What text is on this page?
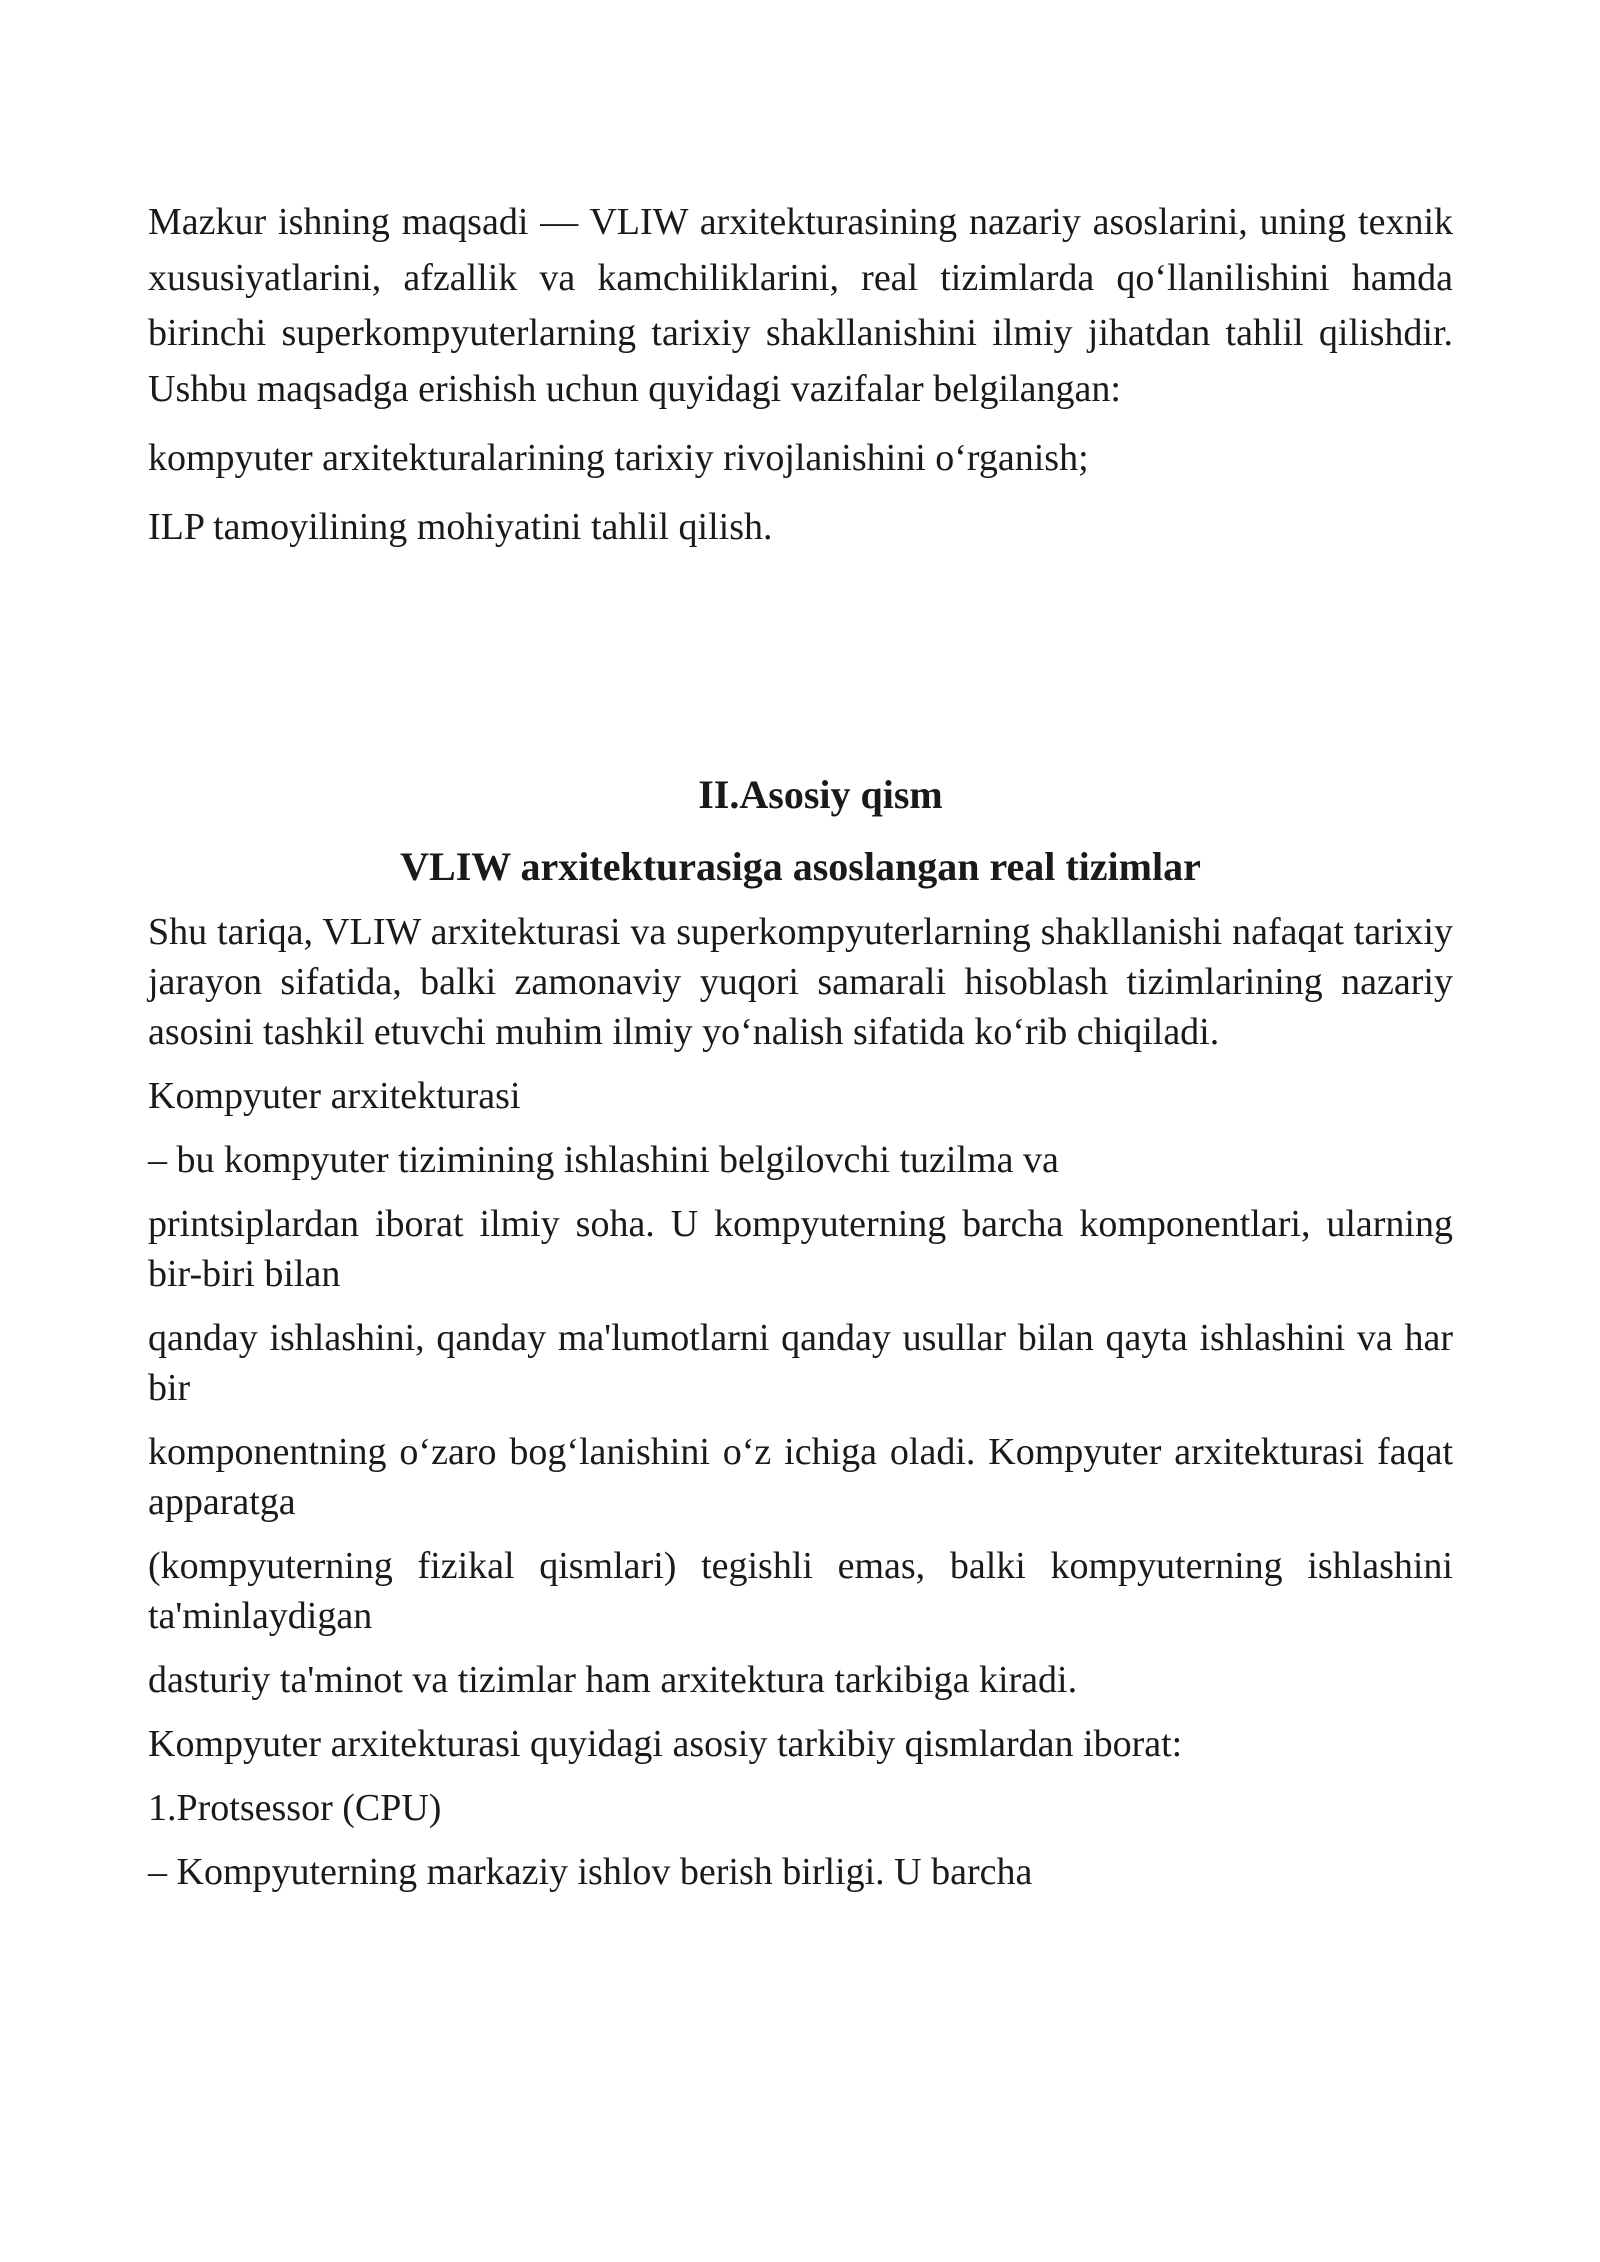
Mazkur ishning maqsadi — VLIW arxitekturasining nazariy asoslarini, uning texnik xususiyatlarini, afzallik va kamchiliklarini, real tizimlarda qo‘llanilishini hamda birinchi superkompyuterlarning tarixiy shakllanishini ilmiy jihatdan tahlil qilishdir. Ushbu maqsadga erishish uchun quyidagi vazifalar belgilangan:

kompyuter arxitekturalarining tarixiy rivojlanishini o‘rganish;

ILP tamoyilining mohiyatini tahlil qilish.

II.Asosiy qism

VLIW arxitekturasiga asoslangan real tizimlar

Shu tariqa, VLIW arxitekturasi va superkompyuterlarning shakllanishi nafaqat tarixiy jarayon sifatida, balki zamonaviy yuqori samarali hisoblash tizimlarining nazariy asosini tashkil etuvchi muhim ilmiy yo‘nalish sifatida ko‘rib chiqiladi.

Kompyuter arxitekturasi

– bu kompyuter tizimining ishlashini belgilovchi tuzilma va

printsiplardan iborat ilmiy soha. U kompyuterning barcha komponentlari, ularning bir-biri bilan

qanday ishlashini, qanday ma'lumotlarni qanday usullar bilan qayta ishlashini va har bir

komponentning o‘zaro bog‘lanishini o‘z ichiga oladi. Kompyuter arxitekturasi faqat apparatga

(kompyuterning fizikal qismlari) tegishli emas, balki kompyuterning ishlashini ta'minlaydigan

dasturiy ta'minot va tizimlar ham arxitektura tarkibiga kiradi.

Kompyuter arxitekturasi quyidagi asosiy tarkibiy qismlardan iborat:

1.Protsessor (CPU)

– Kompyuterning markaziy ishlov berish birligi. U barcha
